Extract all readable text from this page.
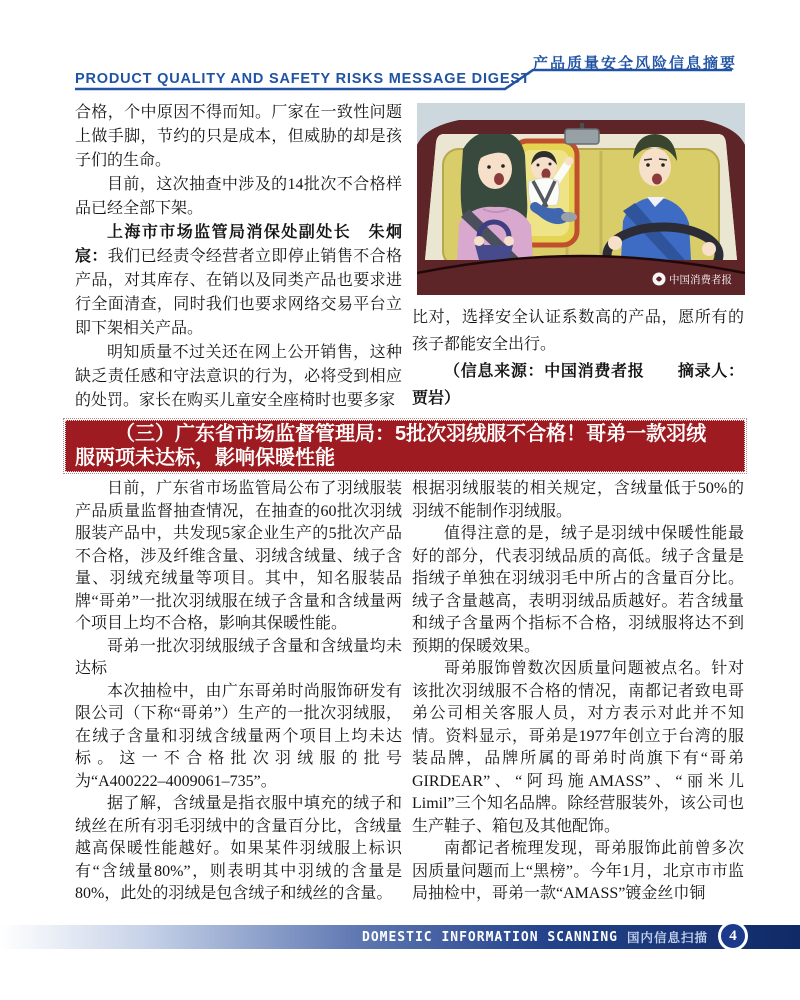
产品质量安全风险信息摘要
PRODUCT QUALITY AND SAFETY RISKS MESSAGE DIGEST

合格，个中原因不得而知。厂家在一致性问题上做手脚，节约的只是成本，但威胁的却是孩子们的生命。

目前，这次抽查中涉及的14批次不合格样品已经全部下架。

上海市市场监管局消保处副处长　朱炯宸：我们已经责令经营者立即停止销售不合格产品，对其库存、在销以及同类产品也要求进行全面清查，同时我们也要求网络交易平台立即下架相关产品。

明知质量不过关还在网上公开销售，这种缺乏责任感和守法意识的行为，必将受到相应的处罚。家长在购买儿童安全座椅时也要多家

中国消费者报

比对，选择安全认证系数高的产品，愿所有的孩子都能安全出行。

（信息来源：中国消费者报　　摘录人：贾岩）

（三）广东省市场监督管理局：5批次羽绒服不合格！哥弟一款羽绒服两项未达标，影响保暖性能

日前，广东省市场监管局公布了羽绒服装产品质量监督抽查情况，在抽查的60批次羽绒服装产品中，共发现5家企业生产的5批次产品不合格，涉及纤维含量、羽绒含绒量、绒子含量、羽绒充绒量等项目。其中，知名服装品牌“哥弟”一批次羽绒服在绒子含量和含绒量两个项目上均不合格，影响其保暖性能。

哥弟一批次羽绒服绒子含量和含绒量均未达标

本次抽检中，由广东哥弟时尚服饰研发有限公司（下称“哥弟”）生产的一批次羽绒服，在绒子含量和羽绒含绒量两个项目上均未达标。这一不合格批次羽绒服的批号为“A400222–4009061–735”。

据了解，含绒量是指衣服中填充的绒子和绒丝在所有羽毛羽绒中的含量百分比，含绒量越高保暖性能越好。如果某件羽绒服上标识有“含绒量80%”，则表明其中羽绒的含量是80%，此处的羽绒是包含绒子和绒丝的含量。

根据羽绒服装的相关规定，含绒量低于50%的羽绒不能制作羽绒服。

值得注意的是，绒子是羽绒中保暖性能最好的部分，代表羽绒品质的高低。绒子含量是指绒子单独在羽绒羽毛中所占的含量百分比。绒子含量越高，表明羽绒品质越好。若含绒量和绒子含量两个指标不合格，羽绒服将达不到预期的保暖效果。

哥弟服饰曾数次因质量问题被点名。针对该批次羽绒服不合格的情况，南都记者致电哥弟公司相关客服人员，对方表示对此并不知情。资料显示，哥弟是1977年创立于台湾的服装品牌，品牌所属的哥弟时尚旗下有“哥弟GIRDEAR”、“阿玛施AMASS”、“丽米儿Limil”三个知名品牌。除经营服装外，该公司也生产鞋子、箱包及其他配饰。

南都记者梳理发现，哥弟服饰此前曾多次因质量问题而上“黑榜”。今年1月，北京市市监局抽检中，哥弟一款“AMASS”镀金丝巾铜

DOMESTIC INFORMATION SCANNING 国内信息扫描 4
